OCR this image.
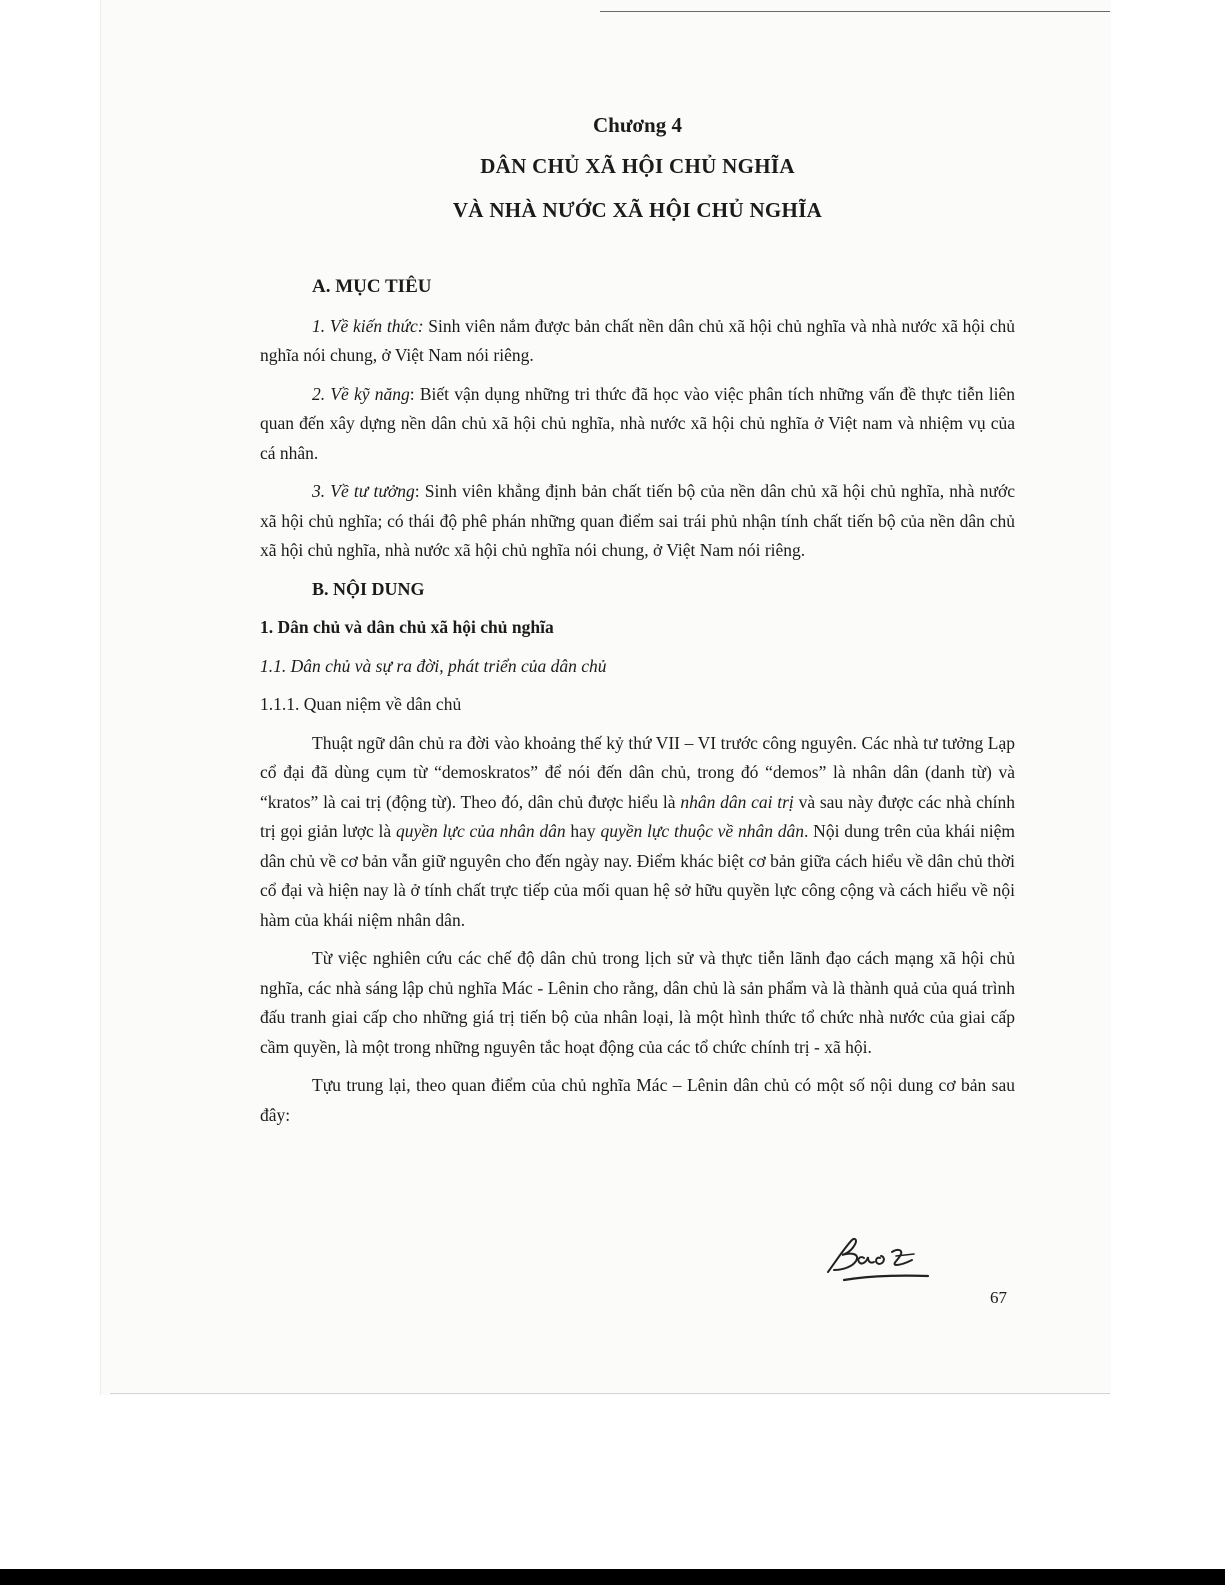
Chương 4

DÂN CHỦ XÃ HỘI CHỦ NGHĨA

VÀ NHÀ NƯỚC XÃ HỘI CHỦ NGHĨA

A. MỤC TIÊU

1. Về kiến thức: Sinh viên nắm được bản chất nền dân chủ xã hội chủ nghĩa và nhà nước xã hội chủ nghĩa nói chung, ở Việt Nam nói riêng.

2. Về kỹ năng: Biết vận dụng những tri thức đã học vào việc phân tích những vấn đề thực tiễn liên quan đến xây dựng nền dân chủ xã hội chủ nghĩa, nhà nước xã hội chủ nghĩa ở Việt nam và nhiệm vụ của cá nhân.

3. Về tư tưởng: Sinh viên khẳng định bản chất tiến bộ của nền dân chủ xã hội chủ nghĩa, nhà nước xã hội chủ nghĩa; có thái độ phê phán những quan điểm sai trái phủ nhận tính chất tiến bộ của nền dân chủ xã hội chủ nghĩa, nhà nước xã hội chủ nghĩa nói chung, ở Việt Nam nói riêng.

B. NỘI DUNG

1. Dân chủ và dân chủ xã hội chủ nghĩa

1.1. Dân chủ và sự ra đời, phát triển của dân chủ

1.1.1. Quan niệm về dân chủ

Thuật ngữ dân chủ ra đời vào khoảng thế kỷ thứ VII – VI trước công nguyên. Các nhà tư tưởng Lạp cổ đại đã dùng cụm từ “demoskratos” để nói đến dân chủ, trong đó “demos” là nhân dân (danh từ) và “kratos” là cai trị (động từ). Theo đó, dân chủ được hiểu là nhân dân cai trị và sau này được các nhà chính trị gọi giản lược là quyền lực của nhân dân hay quyền lực thuộc về nhân dân. Nội dung trên của khái niệm dân chủ về cơ bản vẫn giữ nguyên cho đến ngày nay. Điểm khác biệt cơ bản giữa cách hiểu về dân chủ thời cổ đại và hiện nay là ở tính chất trực tiếp của mối quan hệ sở hữu quyền lực công cộng và cách hiểu về nội hàm của khái niệm nhân dân.

Từ việc nghiên cứu các chế độ dân chủ trong lịch sử và thực tiễn lãnh đạo cách mạng xã hội chủ nghĩa, các nhà sáng lập chủ nghĩa Mác - Lênin cho rằng, dân chủ là sản phẩm và là thành quả của quá trình đấu tranh giai cấp cho những giá trị tiến bộ của nhân loại, là một hình thức tổ chức nhà nước của giai cấp cầm quyền, là một trong những nguyên tắc hoạt động của các tổ chức chính trị - xã hội.

Tựu trung lại, theo quan điểm của chủ nghĩa Mác – Lênin dân chủ có một số nội dung cơ bản sau đây:

67
